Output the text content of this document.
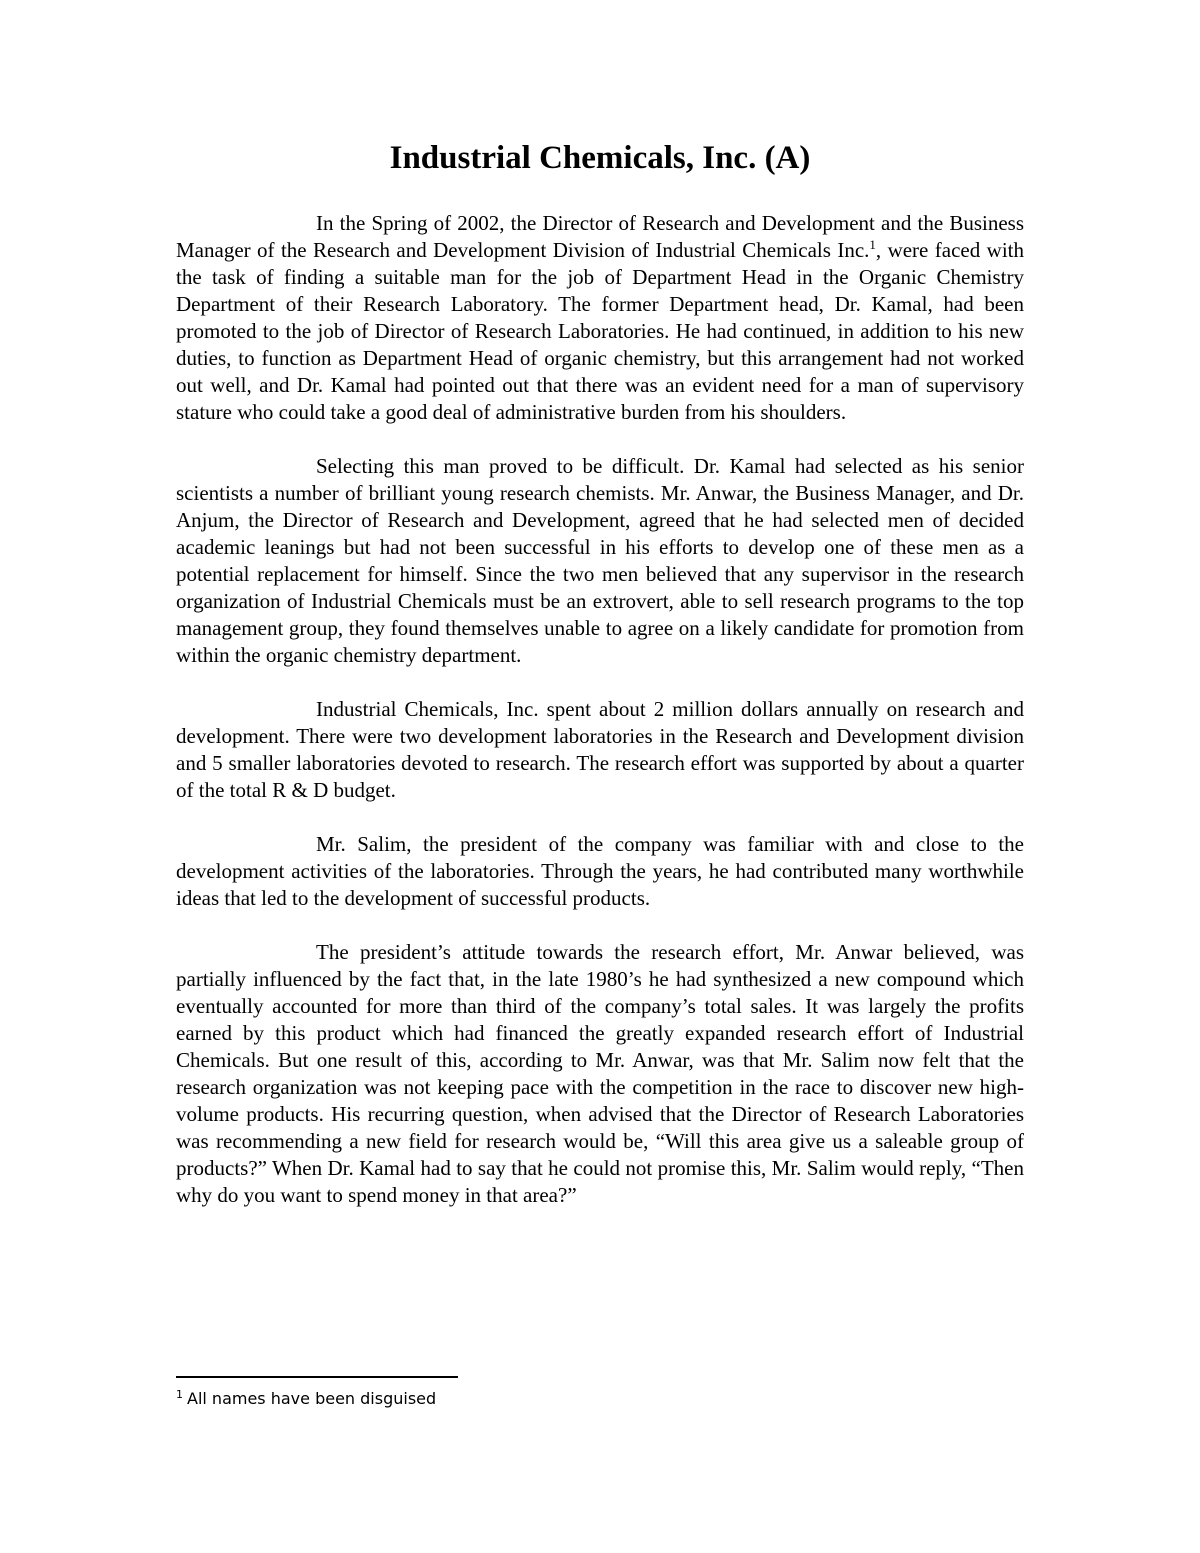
Industrial Chemicals, Inc. (A)

In the Spring of 2002, the Director of Research and Development and the Business Manager of the Research and Development Division of Industrial Chemicals Inc.$^1$, were faced with the task of finding a suitable man for the job of Department Head in the Organic Chemistry Department of their Research Laboratory. The former Department head, Dr. Kamal, had been promoted to the job of Director of Research Laboratories. He had continued, in addition to his new duties, to function as Department Head of organic chemistry, but this arrangement had not worked out well, and Dr. Kamal had pointed out that there was an evident need for a man of supervisory stature who could take a good deal of administrative burden from his shoulders.

Selecting this man proved to be difficult. Dr. Kamal had selected as his senior scientists a number of brilliant young research chemists. Mr. Anwar, the Business Manager, and Dr. Anjum, the Director of Research and Development, agreed that he had selected men of decided academic leanings but had not been successful in his efforts to develop one of these men as a potential replacement for himself. Since the two men believed that any supervisor in the research organization of Industrial Chemicals must be an extrovert, able to sell research programs to the top management group, they found themselves unable to agree on a likely candidate for promotion from within the organic chemistry department.

Industrial Chemicals, Inc. spent about 2 million dollars annually on research and development. There were two development laboratories in the Research and Development division and 5 smaller laboratories devoted to research. The research effort was supported by about a quarter of the total R & D budget.

Mr. Salim, the president of the company was familiar with and close to the development activities of the laboratories. Through the years, he had contributed many worthwhile ideas that led to the development of successful products.

The president’s attitude towards the research effort, Mr. Anwar believed, was partially influenced by the fact that, in the late 1980’s he had synthesized a new compound which eventually accounted for more than third of the company’s total sales. It was largely the profits earned by this product which had financed the greatly expanded research effort of Industrial Chemicals. But one result of this, according to Mr. Anwar, was that Mr. Salim now felt that the research organization was not keeping pace with the competition in the race to discover new high-volume products. His recurring question, when advised that the Director of Research Laboratories was recommending a new field for research would be, “Will this area give us a saleable group of products?” When Dr. Kamal had to say that he could not promise this, Mr. Salim would reply, “Then why do you want to spend money in that area?”

$^1$ All names have been disguised
